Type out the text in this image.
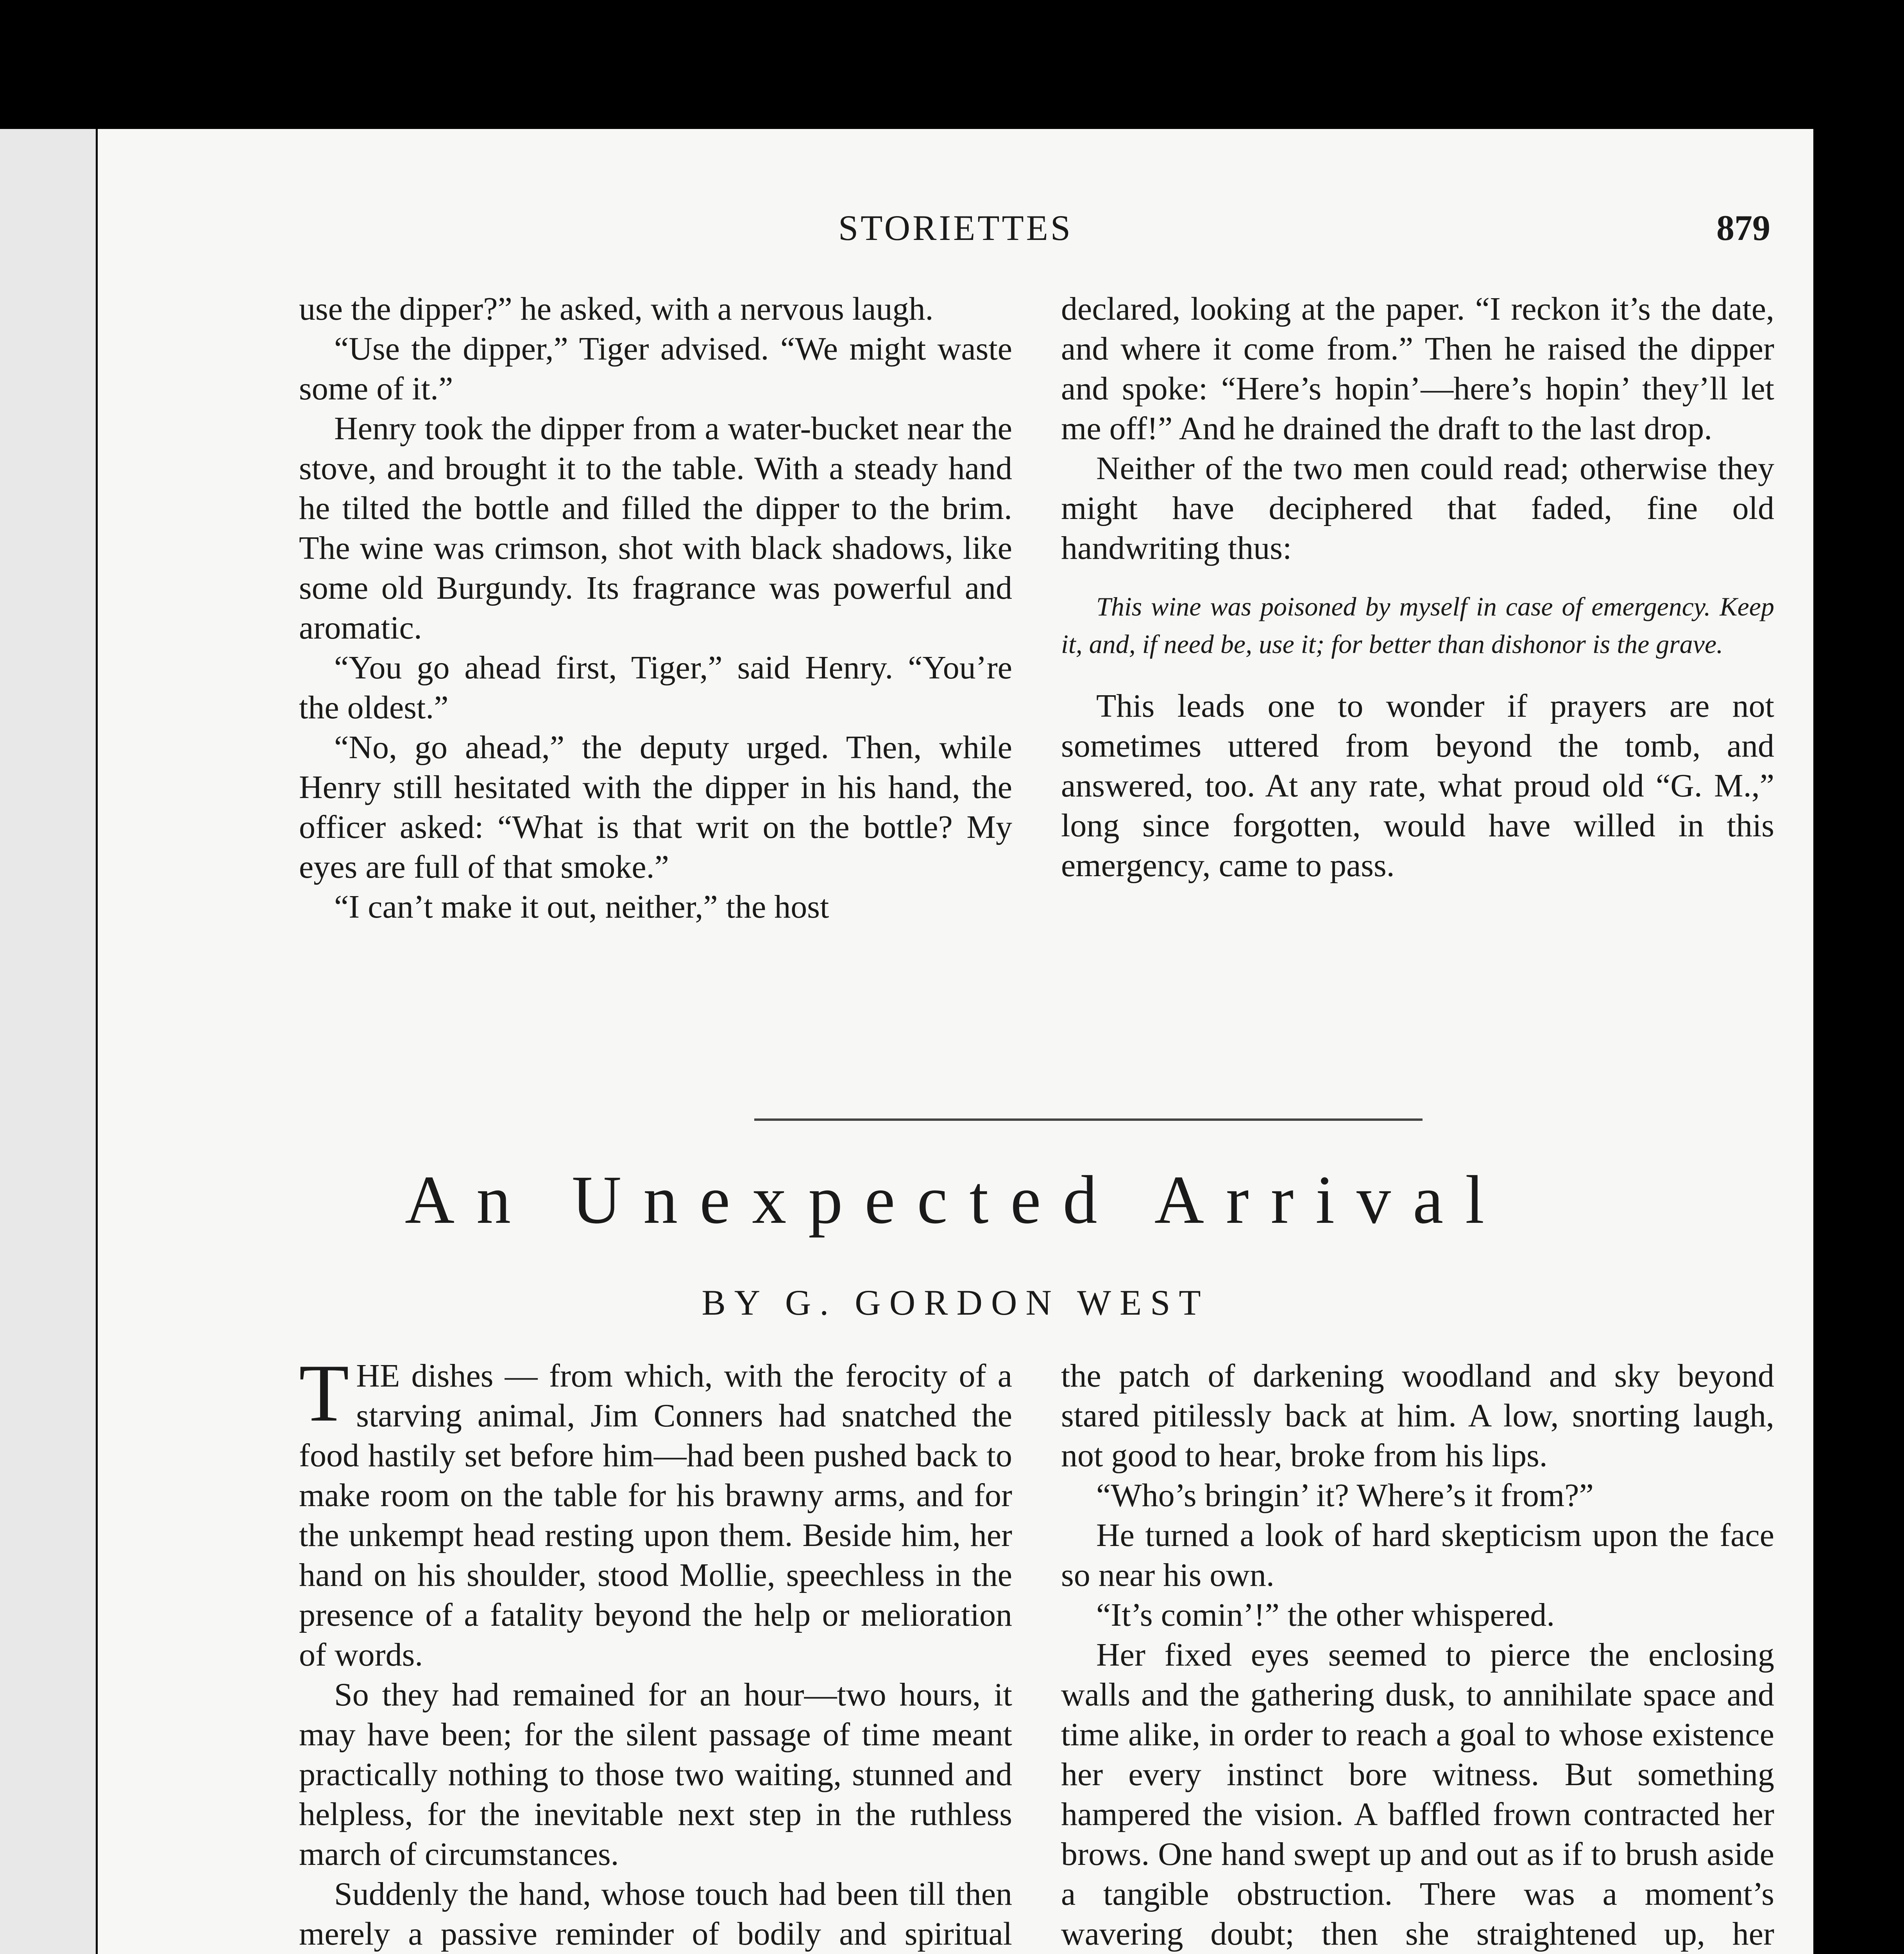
STORIETTES	879

use the dipper?” he asked, with a nervous laugh.

“Use the dipper,” Tiger advised. “We might waste some of it.”

Henry took the dipper from a water-bucket near the stove, and brought it to the table. With a steady hand he tilted the bottle and filled the dipper to the brim. The wine was crimson, shot with black shadows, like some old Burgundy. Its fragrance was powerful and aromatic.

“You go ahead first, Tiger,” said Henry. “You’re the oldest.”

“No, go ahead,” the deputy urged. Then, while Henry still hesitated with the dipper in his hand, the officer asked: “What is that writ on the bottle? My eyes are full of that smoke.”

“I can’t make it out, neither,” the host

declared, looking at the paper. “I reckon it’s the date, and where it come from.” Then he raised the dipper and spoke: “Here’s hopin’—here’s hopin’ they’ll let me off!” And he drained the draft to the last drop.

Neither of the two men could read; otherwise they might have deciphered that faded, fine old handwriting thus:

This wine was poisoned by myself in case of emergency. Keep it, and, if need be, use it; for better than dishonor is the grave.

This leads one to wonder if prayers are not sometimes uttered from beyond the tomb, and answered, too. At any rate, what proud old “G. M.,” long since forgotten, would have willed in this emergency, came to pass.

An Unexpected Arrival
BY G. GORDON WEST

THE dishes — from which, with the ferocity of a starving animal, Jim Conners had snatched the food hastily set before him—had been pushed back to make room on the table for his brawny arms, and for the unkempt head resting upon them. Beside him, her hand on his shoulder, stood Mollie, speechless in the presence of a fatality beyond the help or melioration of words.

So they had remained for an hour—two hours, it may have been; for the silent passage of time meant practically nothing to those two waiting, stunned and helpless, for the inevitable next step in the ruthless march of circumstances.

Suddenly the hand, whose touch had been till then merely a passive reminder of bodily and spiritual

the patch of darkening woodland and sky beyond stared pitilessly back at him. A low, snorting laugh, not good to hear, broke from his lips.

“Who’s bringin’ it? Where’s it from?”

He turned a look of hard skepticism upon the face so near his own.

“It’s comin’!” the other whispered.

Her fixed eyes seemed to pierce the enclosing walls and the gathering dusk, to annihilate space and time alike, in order to reach a goal to whose existence her every instinct bore witness. But something hampered the vision. A baffled frown contracted her brows. One hand swept up and out as if to brush aside a tangible obstruction. There was a moment’s wavering doubt; then she straightened up, her
